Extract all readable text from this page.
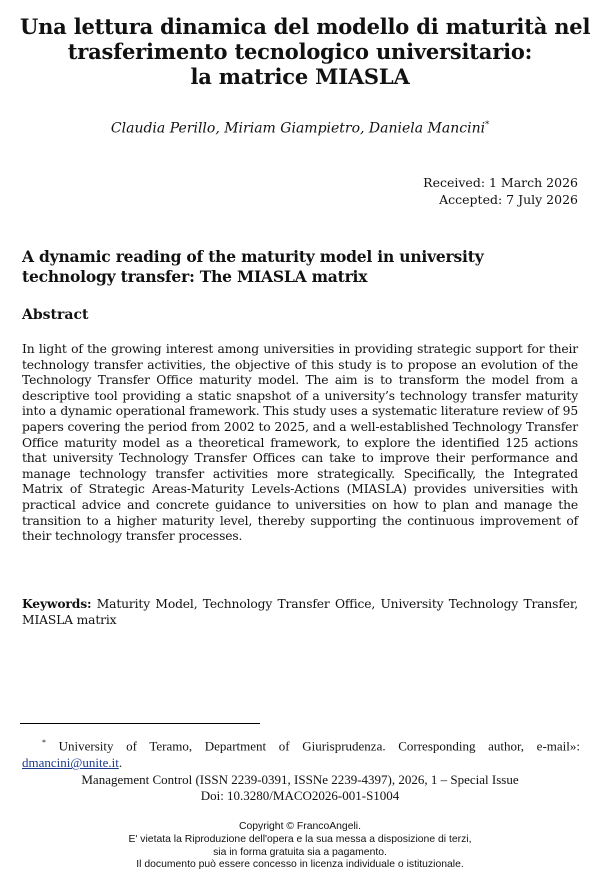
Una lettura dinamica del modello di maturità nel
trasferimento tecnologico universitario:
la matrice MIASLA
Claudia Perillo, Miriam Giampietro, Daniela Mancini*
Received: 1 March 2026
Accepted: 7 July 2026
A dynamic reading of the maturity model in university technology transfer: The MIASLA matrix
Abstract

In light of the growing interest among universities in providing strategic support for their technology transfer activities, the objective of this study is to propose an evolution of the Technology Transfer Office maturity model. The aim is to transform the model from a descriptive tool providing a static snapshot of a university’s technology transfer maturity into a dynamic operational framework. This study uses a systematic literature review of 95 papers covering the period from 2002 to 2025, and a well-established Technology Transfer Office maturity model as a theoretical framework, to explore the identified 125 actions that university Technology Transfer Offices can take to improve their performance and manage technology transfer activities more strategically. Specifically, the Integrated Matrix of Strategic Areas-Maturity Levels-Actions (MIASLA) provides universities with practical advice and concrete guidance to universities on how to plan and manage the transition to a higher maturity level, thereby supporting the continuous improvement of their technology transfer processes.

Keywords: Maturity Model, Technology Transfer Office, University Technology Transfer, MIASLA matrix
* University of Teramo, Department of Giurisprudenza. Corresponding author, e-mail»: dmancini@unite.it.
Management Control (ISSN 2239-0391, ISSNe 2239-4397), 2026, 1 – Special Issue
Doi: 10.3280/MACO2026-001-S1004
Copyright © FrancoAngeli.
E' vietata la Riproduzione dell'opera e la sua messa a disposizione di terzi,
sia in forma gratuita sia a pagamento.
Il documento può essere concesso in licenza individuale o istituzionale.
